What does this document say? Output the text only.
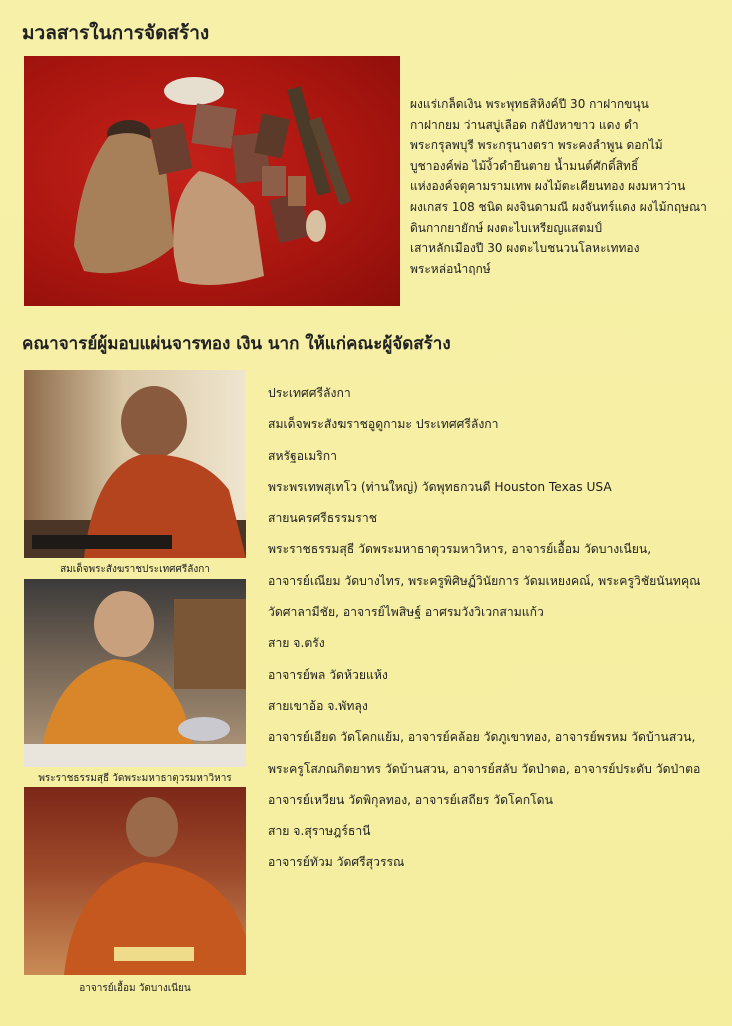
มวลสารในการจัดสร้าง
ผงแร่เกล็ดเงิน พระพุทธสิหิงค์ปี 30 กาฝากขนุน
กาฝากยม ว่านสบู่เลือด กลัปังหาขาว แดง ดำ
พระกรุลพบุรี พระกรุนางตรา พระคงลำพูน ดอกไม้
บูชาองค์พ่อ ไม้งิ้วดำยืนตาย น้ำมนต์ศักดิ์สิทธิ์
แห่งองค์จตุคามรามเทพ ผงไม้ตะเคียนทอง ผงมหาว่าน
ผงเกสร 108 ชนิด ผงจินดามณี ผงจันทร์แดง ผงไม้กฤษณา
ดินกากยายักษ์ ผงตะไบเหรียญแสตมป์
เสาหลักเมืองปี 30 ผงตะไบชนวนโลหะเททอง
พระหล่อนำฤกษ์
คณาจารย์ผู้มอบแผ่นจารทอง เงิน นาก ให้แก่คณะผู้จัดสร้าง
สมเด็จพระสังฆราชประเทศศรีลังกา
พระราชธรรมสุธี วัดพระมหาธาตุวรมหาวิหาร
อาจารย์เอื้อม วัดบางเนียน
ประเทศศรีลังกา
สมเด็จพระสังฆราชอูดูกามะ ประเทศศรีลังกา
สหรัฐอเมริกา
พระพรเทพสุเทโว (ท่านใหญ่) วัดพุทธกวนดี Houston Texas USA
สายนครศรีธรรมราช
พระราชธรรมสุธี วัดพระมหาธาตุวรมหาวิหาร, อาจารย์เอื้อม วัดบางเนียน,
อาจารย์เณียม วัดบางไทร, พระครูพิศิษฏ์วินัยการ วัดมเหยงคณ์, พระครูวิชัยนันทคุณ
วัดศาลามีชัย, อาจารย์ไพสิษฐ์ อาศรมวังวิเวกสามแก้ว
สาย จ.ตรัง
อาจารย์พล วัดห้วยแห้ง
สายเขาอ้อ จ.พัทลุง
อาจารย์เอียด วัดโคกแย้ม, อาจารย์คล้อย วัดภูเขาทอง, อาจารย์พรหม วัดบ้านสวน,
พระครูโสภณกิตยาทร วัดบ้านสวน, อาจารย์สลับ วัดป่าตอ, อาจารย์ประดับ วัดป่าตอ
อาจารย์เหวียน วัดพิกุลทอง, อาจารย์เสถียร วัดโคกโดน
สาย จ.สุราษฎร์ธานี
อาจารย์ทัวม วัดศรีสุวรรณ
